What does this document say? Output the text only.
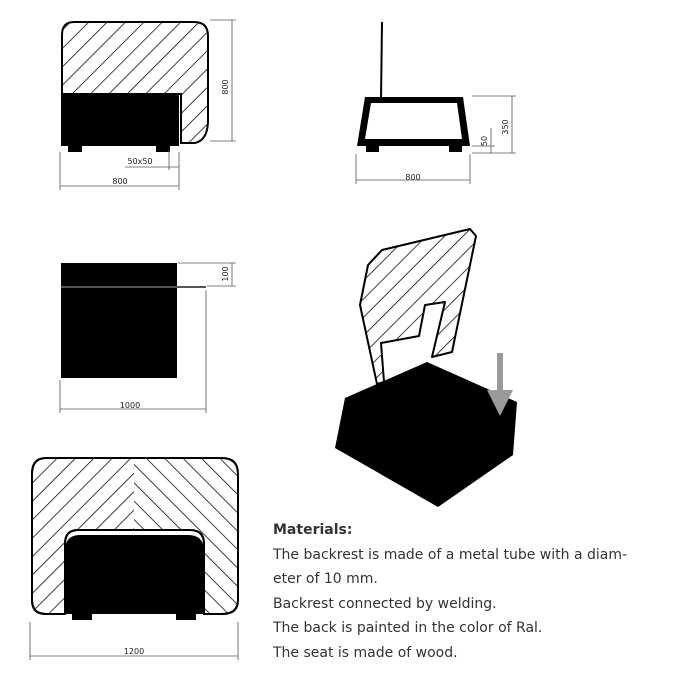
800
50x50
800
350
50
800
100
1000
1200

Materials:

The backrest is made of a metal tube with a diam-

eter of 10 mm.

Backrest connected by welding.

The back is painted in the color of Ral.

The seat is made of wood.
